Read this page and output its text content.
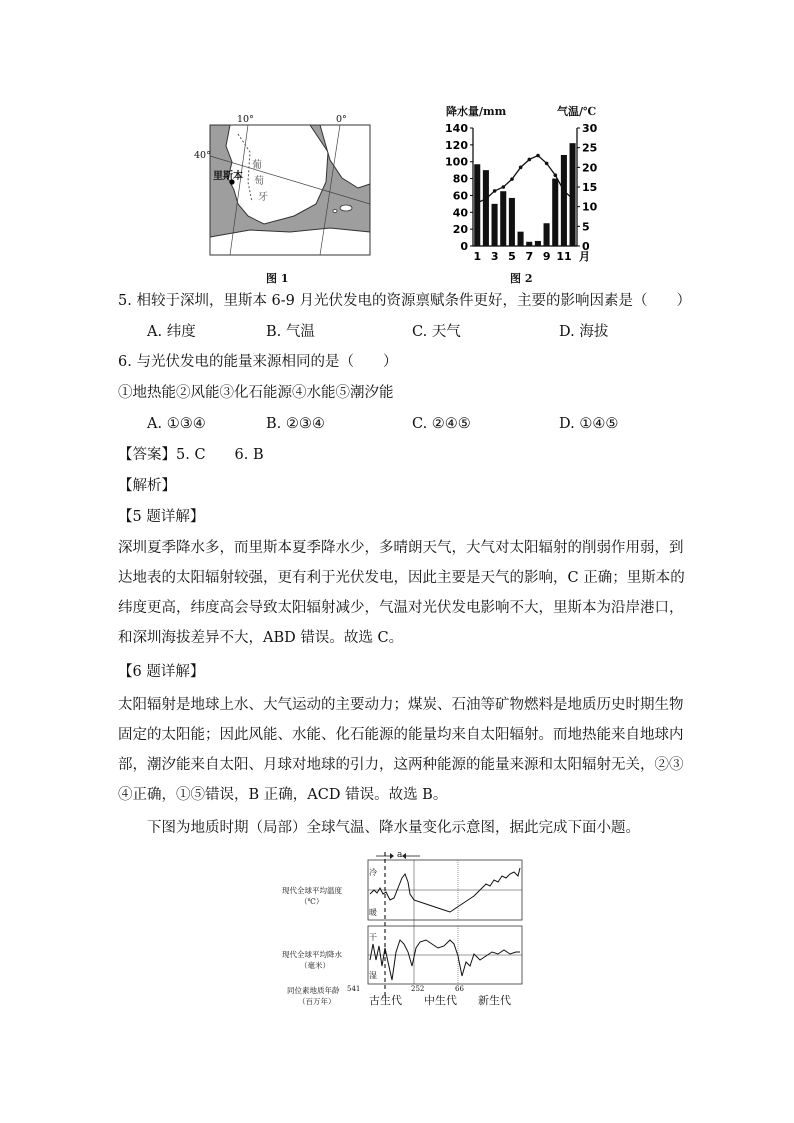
10°	0°
40°
里斯本
葡
萄
牙
图 1
降水量/mm	气温/℃
140
120
100
80
60
40
20
0
30
25
20
15
10
5
0
1 3 5 7 9 11 月
图 2
5. 相较于深圳，里斯本 6-9 月光伏发电的资源禀赋条件更好，主要的影响因素是（　　）
A. 纬度	B. 气温	C. 天气	D. 海拔
6. 与光伏发电的能量来源相同的是（　　）
①地热能②风能③化石能源④水能⑤潮汐能
A. ①③④	B. ②③④	C. ②④⑤	D. ①④⑤
【答案】5. C　　6. B
【解析】
【5 题详解】
深圳夏季降水多，而里斯本夏季降水少，多晴朗天气，大气对太阳辐射的削弱作用弱，到
达地表的太阳辐射较强，更有利于光伏发电，因此主要是天气的影响，C 正确；里斯本的
纬度更高，纬度高会导致太阳辐射减少，气温对光伏发电影响不大，里斯本为沿岸港口，
和深圳海拔差异不大，ABD 错误。故选 C。
【6 题详解】
太阳辐射是地球上水、大气运动的主要动力；煤炭、石油等矿物燃料是地质历史时期生物
固定的太阳能；因此风能、水能、化石能源的能量均来自太阳辐射。而地热能来自地球内
部，潮汐能来自太阳、月球对地球的引力，这两种能源的能量来源和太阳辐射无关，②③
④正确，①⑤错误，B 正确，ACD 错误。故选 B。
下图为地质时期（局部）全球气温、降水量变化示意图，据此完成下面小题。
a
现代全球平均温度
（℃）
冷
暖
现代全球平均降水
（毫米）
干
湿
同位素地质年龄
（百万年）
541	252	66
古生代 中生代 新生代
